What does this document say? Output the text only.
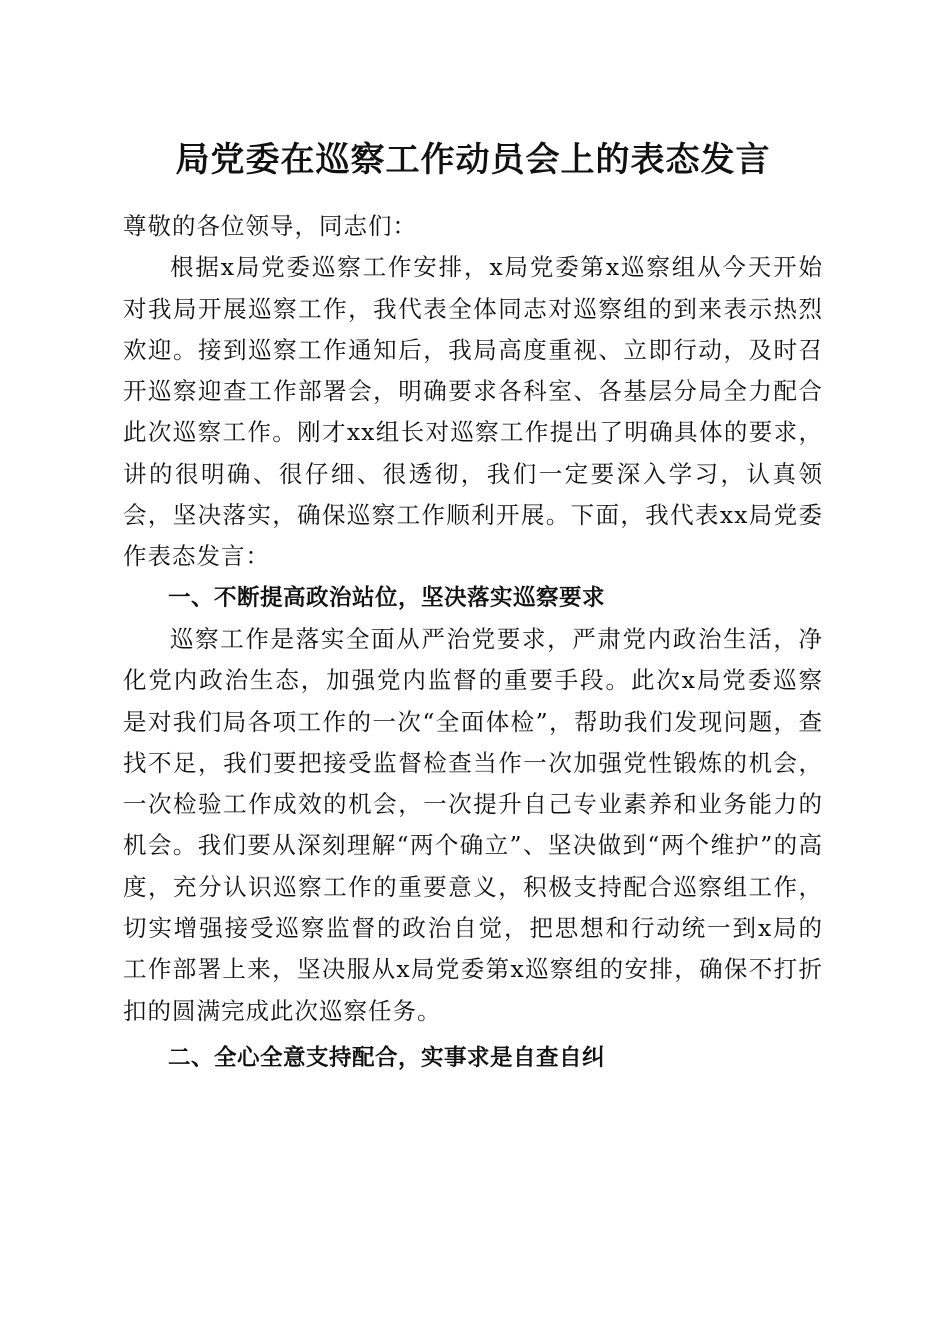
局党委在巡察工作动员会上的表态发言

尊敬的各位领导，同志们：

根据x局党委巡察工作安排，x局党委第x巡察组从今天开始对我局开展巡察工作，我代表全体同志对巡察组的到来表示热烈欢迎。接到巡察工作通知后，我局高度重视、立即行动，及时召开巡察迎查工作部署会，明确要求各科室、各基层分局全力配合此次巡察工作。刚才xx组长对巡察工作提出了明确具体的要求，讲的很明确、很仔细、很透彻，我们一定要深入学习，认真领会，坚决落实，确保巡察工作顺利开展。下面，我代表xx局党委作表态发言：

一、不断提高政治站位，坚决落实巡察要求

巡察工作是落实全面从严治党要求，严肃党内政治生活，净化党内政治生态，加强党内监督的重要手段。此次x局党委巡察是对我们局各项工作的一次“全面体检”，帮助我们发现问题，查找不足，我们要把接受监督检查当作一次加强党性锻炼的机会，一次检验工作成效的机会，一次提升自己专业素养和业务能力的机会。我们要从深刻理解“两个确立”、坚决做到“两个维护”的高度，充分认识巡察工作的重要意义，积极支持配合巡察组工作，切实增强接受巡察监督的政治自觉，把思想和行动统一到x局的工作部署上来，坚决服从x局党委第x巡察组的安排，确保不打折扣的圆满完成此次巡察任务。

二、全心全意支持配合，实事求是自查自纠
